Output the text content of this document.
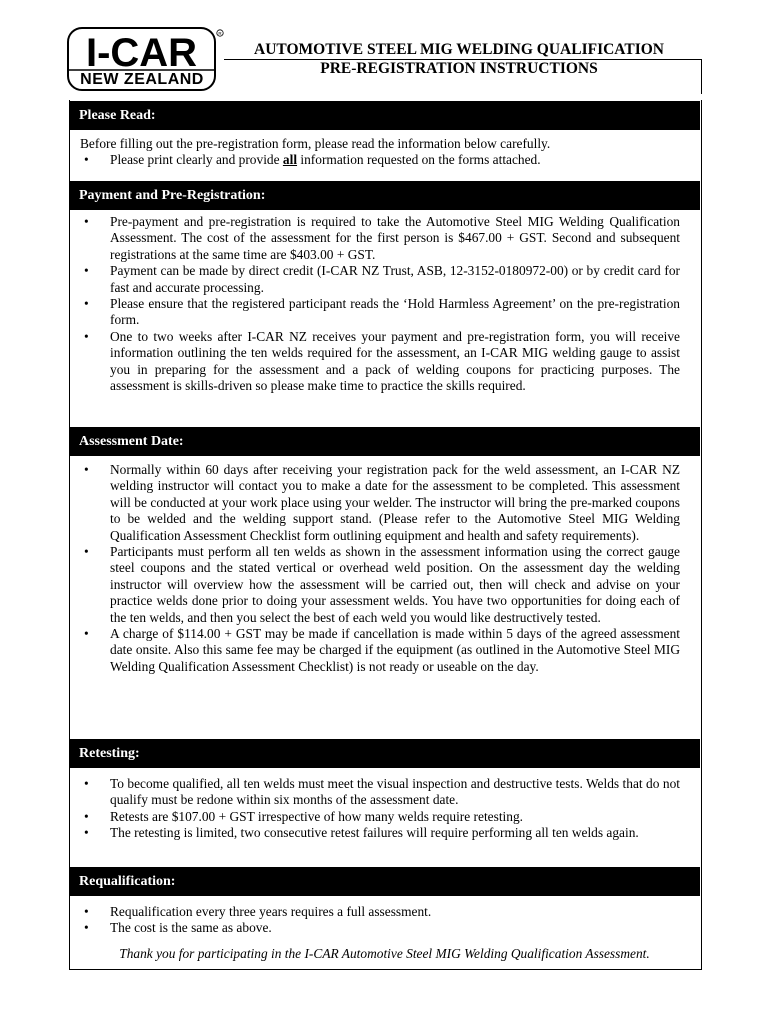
I-CAR	R
NEW ZEALAND
AUTOMOTIVE STEEL MIG WELDING QUALIFICATION
PRE-REGISTRATION INSTRUCTIONS
Please Read:

Before filling out the pre-registration form, please read the information below carefully.

• Please print clearly and provide all information requested on the forms attached.
Payment and Pre-Registration:
• Pre-payment and pre-registration is required to take the Automotive Steel MIG Welding Qualification Assessment. The cost of the assessment for the first person is $467.00 + GST. Second and subsequent registrations at the same time are $403.00 + GST.
• Payment can be made by direct credit (I-CAR NZ Trust, ASB, 12-3152-0180972-00) or by credit card for fast and accurate processing.
• Please ensure that the registered participant reads the ‘Hold Harmless Agreement’ on the pre-registration form.
• One to two weeks after I-CAR NZ receives your payment and pre-registration form, you will receive information outlining the ten welds required for the assessment, an I-CAR MIG welding gauge to assist you in preparing for the assessment and a pack of welding coupons for practicing purposes. The assessment is skills-driven so please make time to practice the skills required.
Assessment Date:
• Normally within 60 days after receiving your registration pack for the weld assessment, an I-CAR NZ welding instructor will contact you to make a date for the assessment to be completed. This assessment will be conducted at your work place using your welder. The instructor will bring the pre-marked coupons to be welded and the welding support stand. (Please refer to the Automotive Steel MIG Welding Qualification Assessment Checklist form outlining equipment and health and safety requirements).
• Participants must perform all ten welds as shown in the assessment information using the correct gauge steel coupons and the stated vertical or overhead weld position. On the assessment day the welding instructor will overview how the assessment will be carried out, then will check and advise on your practice welds done prior to doing your assessment welds. You have two opportunities for doing each of the ten welds, and then you select the best of each weld you would like destructively tested.
• A charge of $114.00 + GST may be made if cancellation is made within 5 days of the agreed assessment date onsite. Also this same fee may be charged if the equipment (as outlined in the Automotive Steel MIG Welding Qualification Assessment Checklist) is not ready or useable on the day.
Retesting:
• To become qualified, all ten welds must meet the visual inspection and destructive tests. Welds that do not qualify must be redone within six months of the assessment date.
• Retests are $107.00 + GST irrespective of how many welds require retesting.
• The retesting is limited, two consecutive retest failures will require performing all ten welds again.
Requalification:
• Requalification every three years requires a full assessment.
• The cost is the same as above.
Thank you for participating in the I-CAR Automotive Steel MIG Welding Qualification Assessment.
